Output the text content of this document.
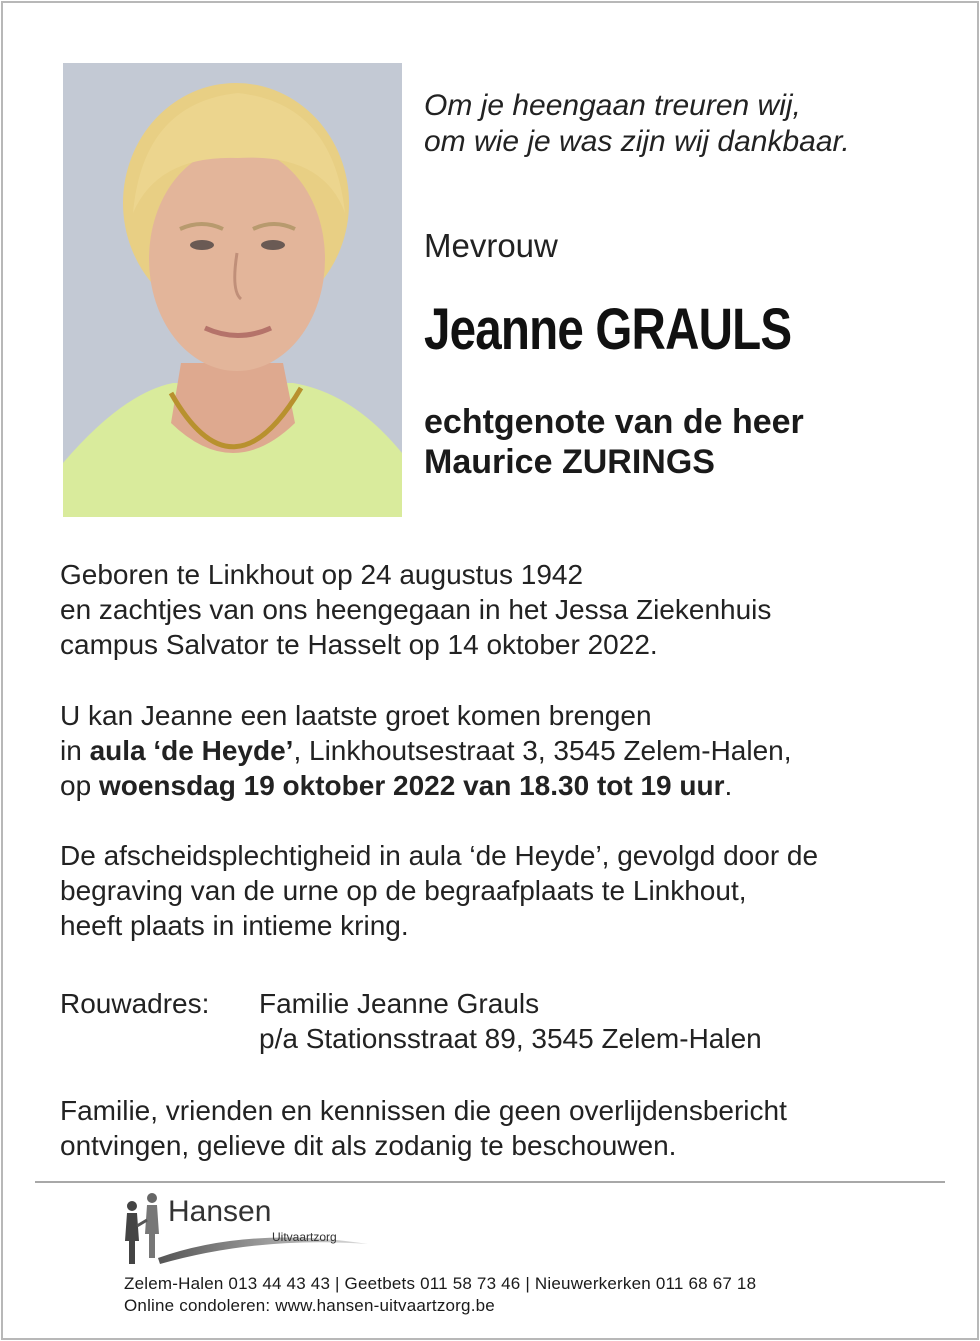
Om je heengaan treuren wij,
om wie je was zijn wij dankbaar.
Mevrouw
Jeanne GRAULS
echtgenote van de heer
Maurice ZURINGS
Geboren te Linkhout op 24 augustus 1942
en zachtjes van ons heengegaan in het Jessa Ziekenhuis
campus Salvator te Hasselt op 14 oktober 2022.
U kan Jeanne een laatste groet komen brengen
in aula ‘de Heyde’, Linkhoutsestraat 3, 3545 Zelem-Halen,
op woensdag 19 oktober 2022 van 18.30 tot 19 uur.
De afscheidsplechtigheid in aula ‘de Heyde’, gevolgd door de
begraving van de urne op de begraafplaats te Linkhout,
heeft plaats in intieme kring.
Rouwadres: Familie Jeanne Grauls
p/a Stationsstraat 89, 3545 Zelem-Halen
Familie, vrienden en kennissen die geen overlijdensbericht
ontvingen, gelieve dit als zodanig te beschouwen.
Hansen
Uitvaartzorg
Zelem-Halen 013 44 43 43 | Geetbets 011 58 73 46 | Nieuwerkerken 011 68 67 18
Online condoleren: www.hansen-uitvaartzorg.be
